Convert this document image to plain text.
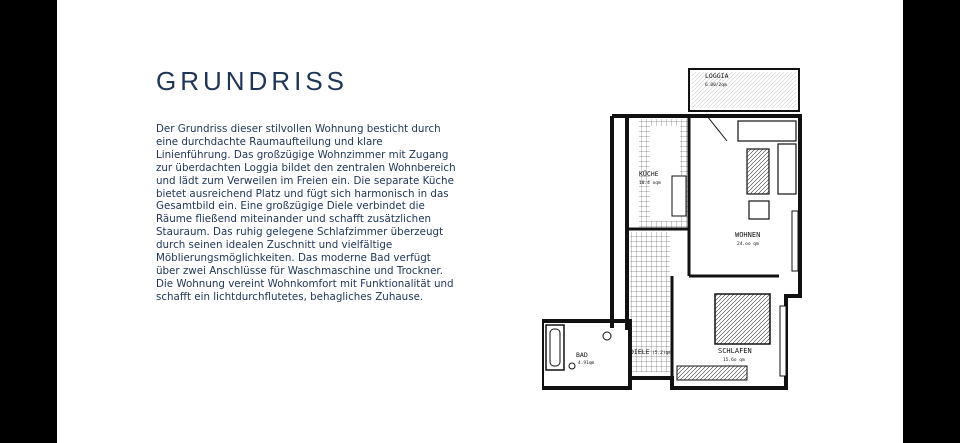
GRUNDRISS

Der Grundriss dieser stilvollen Wohnung besticht durch eine durchdachte Raumaufteilung und klare Linienführung. Das großzügige Wohnzimmer mit Zugang zur überdachten Loggia bildet den zentralen Wohnbereich und lädt zum Verweilen im Freien ein. Die separate Küche bietet ausreichend Platz und fügt sich harmonisch in das Gesamtbild ein. Eine großzügige Diele verbindet die Räume fließend miteinander und schafft zusätzlichen Stauraum. Das ruhig gelegene Schlafzimmer überzeugt durch seinen idealen Zuschnitt und vielfältige Möblierungsmöglichkeiten. Das moderne Bad verfügt über zwei Anschlüsse für Waschmaschine und Trockner. Die Wohnung vereint Wohnkomfort mit Funktionalität und schafft ein lichtdurchflutetes, behagliches Zuhause.

LOGGIA
6.00/2qm
KÜCHE
10.4 oqm
WOHNEN
24.oo qm
DIELE (5.2)qm
BAD
4.91qm
SCHLAFEN
15.6o qm
